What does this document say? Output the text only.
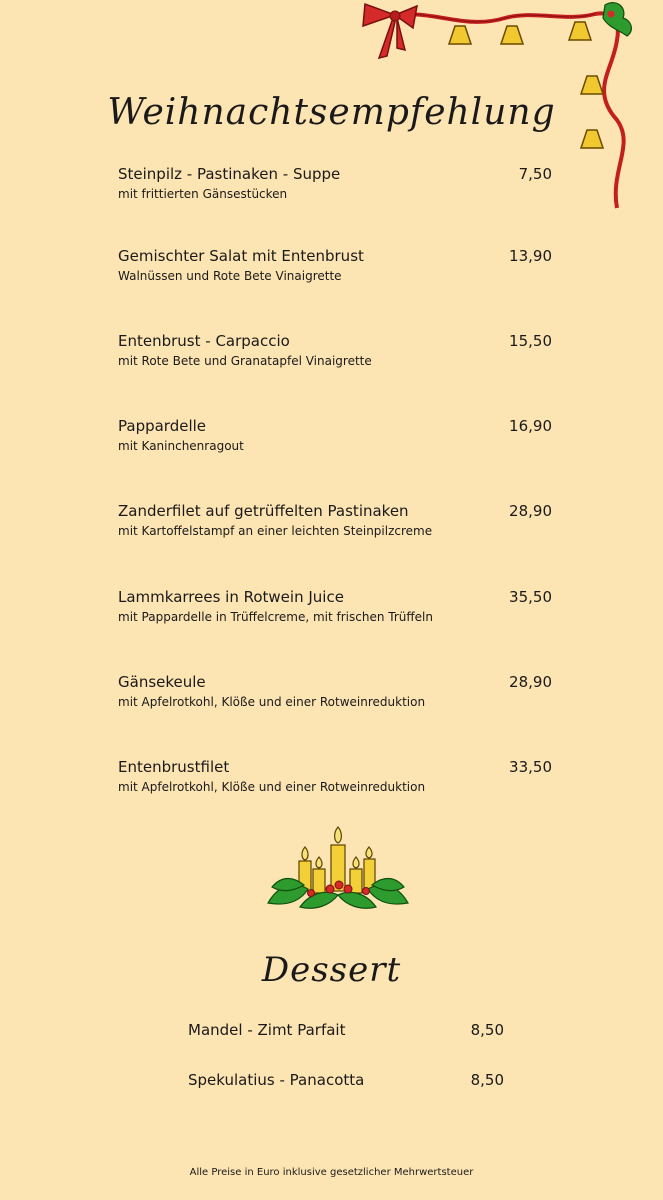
Weihnachtsempfehlung
Steinpilz - Pastinaken - Suppe
mit frittierten Gänsestücken
7,50
Gemischter Salat mit Entenbrust
Walnüssen und Rote Bete Vinaigrette
13,90
Entenbrust - Carpaccio
mit Rote Bete und Granatapfel Vinaigrette
15,50
Pappardelle
mit Kaninchenragout
16,90
Zanderfilet auf getrüffelten Pastinaken
mit Kartoffelstampf an einer leichten Steinpilzcreme
28,90
Lammkarrees in Rotwein Juice
mit Pappardelle in Trüffelcreme, mit frischen Trüffeln
35,50
Gänsekeule
mit Apfelrotkohl, Klöße und einer Rotweinreduktion
28,90
Entenbrustfilet
mit Apfelrotkohl, Klöße und einer Rotweinreduktion
33,50
Dessert
Mandel - Zimt Parfait	8,50
Spekulatius - Panacotta	8,50
Alle Preise in Euro inklusive gesetzlicher Mehrwertsteuer
